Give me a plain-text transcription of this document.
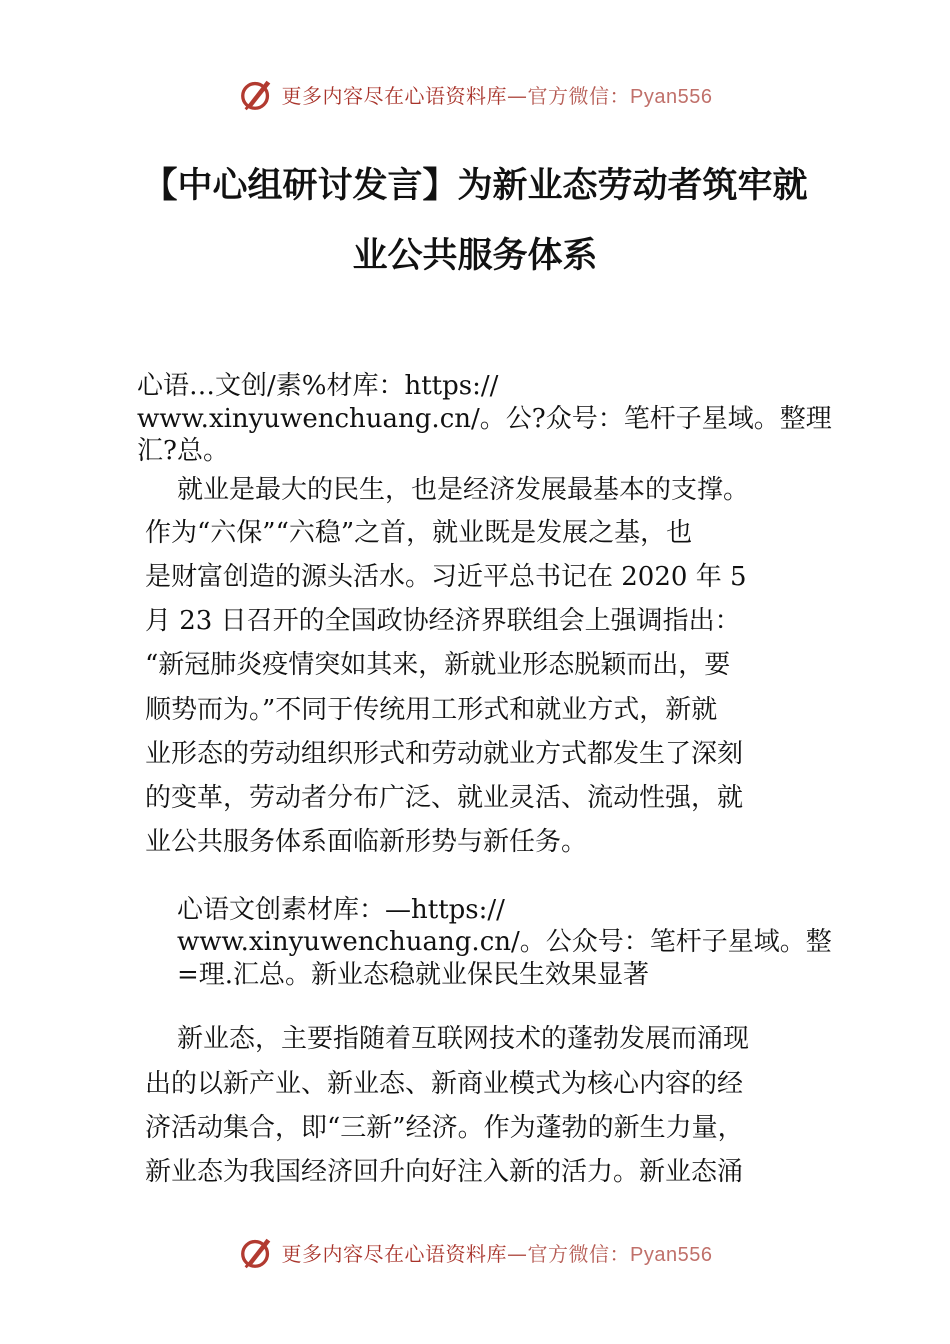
更多内容尽在心语资料库—官方微信：Pyan556
【中心组研讨发言】为新业态劳动者筑牢就
业公共服务体系
心语…文创/素%材库：https://
www.xinyuwenchuang.cn/。公?众号：笔杆子星域。整理
汇?总。
就业是最大的民生，也是经济发展最基本的支撑。
作为“六保”“六稳”之首，就业既是发展之基，也
是财富创造的源头活水。习近平总书记在 2020 年 5
月 23 日召开的全国政协经济界联组会上强调指出：
“新冠肺炎疫情突如其来，新就业形态脱颖而出，要
顺势而为。”不同于传统用工形式和就业方式，新就
业形态的劳动组织形式和劳动就业方式都发生了深刻
的变革，劳动者分布广泛、就业灵活、流动性强，就
业公共服务体系面临新形势与新任务。
心语文创素材库：—https://
www.xinyuwenchuang.cn/。公众号：笔杆子星域。整
=理.汇总。新业态稳就业保民生效果显著
新业态，主要指随着互联网技术的蓬勃发展而涌现
出的以新产业、新业态、新商业模式为核心内容的经
济活动集合，即“三新”经济。作为蓬勃的新生力量，
新业态为我国经济回升向好注入新的活力。新业态涌
更多内容尽在心语资料库—官方微信：Pyan556
